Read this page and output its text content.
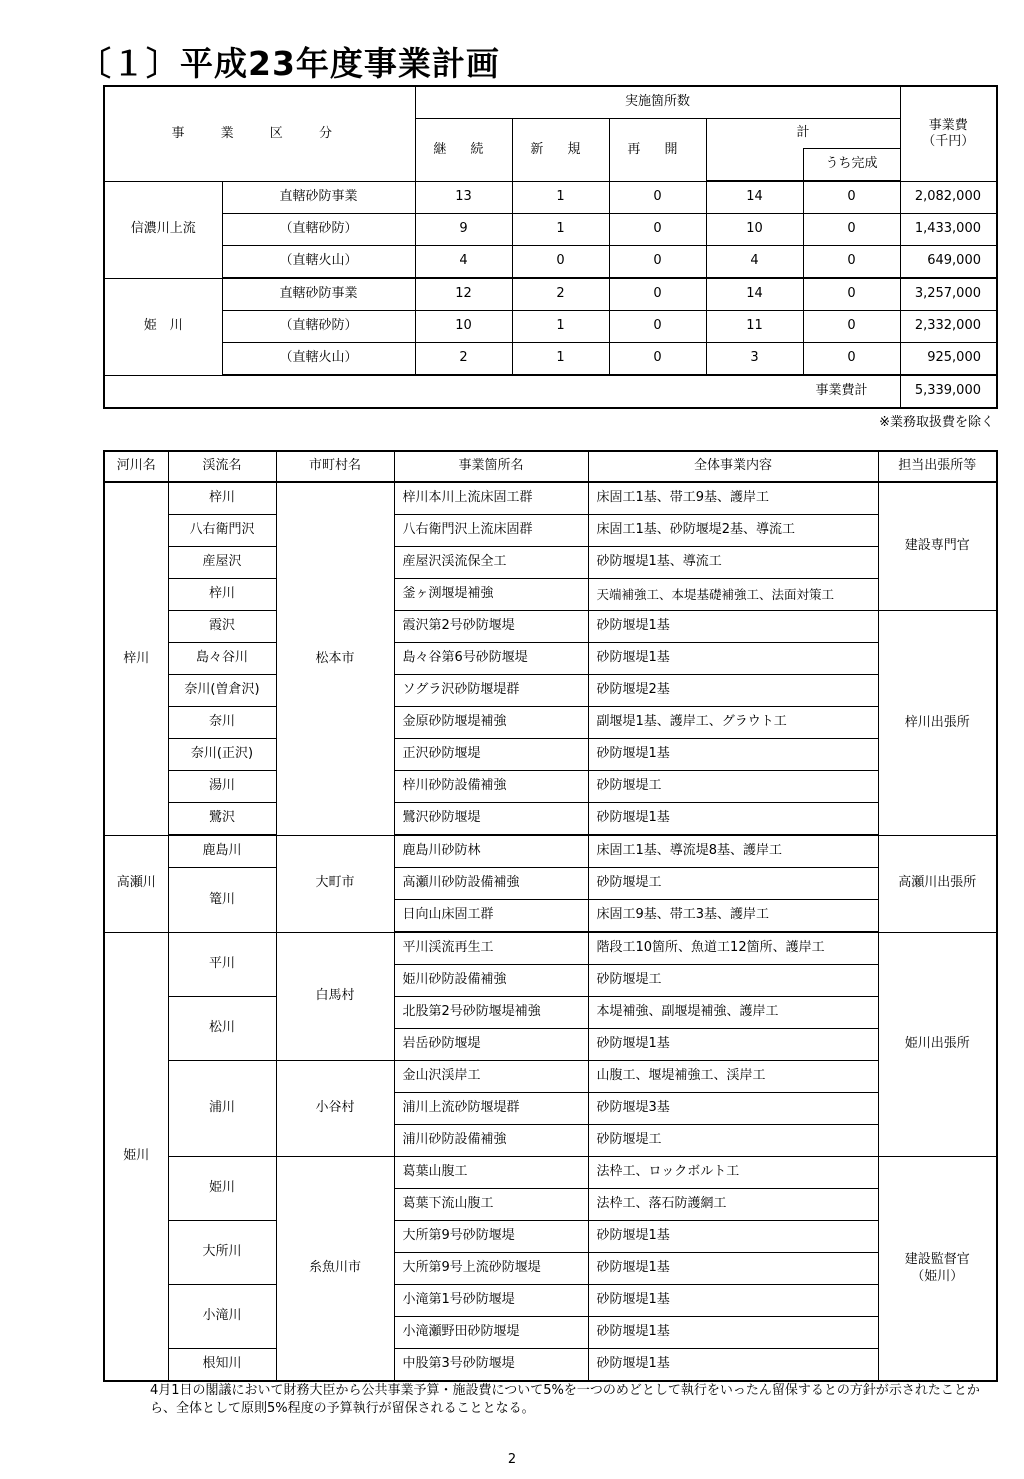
〔１〕平成23年度事業計画
事 業 区 分		実施箇所数					事業費
（千円）

		継 続	新 規	再 開	計		
						うち完成	
信濃川上流	直轄砂防事業	13	1	0	14	0	2,082,000
	（直轄砂防）	9	1	0	10	0	1,433,000
	（直轄火山）	4	0	0	4	0	649,000
姫　川	直轄砂防事業	12	2	0	14	0	3,257,000
	（直轄砂防）	10	1	0	11	0	2,332,000
	（直轄火山）	2	1	0	3	0	925,000
事業費計							5,339,000
※業務取扱費を除く
河川名	渓流名	市町村名	事業箇所名	全体事業内容	担当出張所等
梓川	梓川	松本市	梓川本川上流床固工群	床固工1基、帯工9基、護岸工	建設専門官
	八右衛門沢		八右衛門沢上流床固群	床固工1基、砂防堰堤2基、導流工	
	産屋沢		産屋沢渓流保全工	砂防堰堤1基、導流工	
	梓川		釜ヶ渕堰堤補強	天端補強工、本堤基礎補強工、法面対策工	
	霞沢		霞沢第2号砂防堰堤	砂防堰堤1基	梓川出張所
	島々谷川		島々谷第6号砂防堰堤	砂防堰堤1基	
	奈川(曽倉沢)		ソグラ沢砂防堰堤群	砂防堰堤2基	
	奈川		金原砂防堰堤補強	副堰堤1基、護岸工、グラウト工	
	奈川(正沢)		正沢砂防堰堤	砂防堰堤1基	
	湯川		梓川砂防設備補強	砂防堰堤工	
	鷺沢		鷺沢砂防堰堤	砂防堰堤1基	
高瀬川	鹿島川	大町市	鹿島川砂防林	床固工1基、導流堤8基、護岸工	高瀬川出張所
	篭川		高瀬川砂防設備補強	砂防堰堤工	
			日向山床固工群	床固工9基、帯工3基、護岸工	
姫川	平川	白馬村	平川渓流再生工	階段工10箇所、魚道工12箇所、護岸工	姫川出張所
			姫川砂防設備補強	砂防堰堤工	
	松川		北股第2号砂防堰堤補強	本堤補強、副堰堤補強、護岸工	
			岩岳砂防堰堤	砂防堰堤1基	
	浦川	小谷村	金山沢渓岸工	山腹工、堰堤補強工、渓岸工	
			浦川上流砂防堰堤群	砂防堰堤3基	
			浦川砂防設備補強	砂防堰堤工	
	姫川	糸魚川市	葛葉山腹工	法枠工、ロックボルト工	建設監督官
（姫川）

			葛葉下流山腹工	法枠工、落石防護網工	
	大所川		大所第9号砂防堰堤	砂防堰堤1基	
			大所第9号上流砂防堰堤	砂防堰堤1基	
	小滝川		小滝第1号砂防堰堤	砂防堰堤1基	
			小滝瀬野田砂防堰堤	砂防堰堤1基	
	根知川		中股第3号砂防堰堤	砂防堰堤1基	
4月1日の閣議において財務大臣から公共事業予算・施設費について5%を一つのめどとして執行をいったん留保するとの方針が示されたことから、全体として原則5%程度の予算執行が留保されることとなる。
2
